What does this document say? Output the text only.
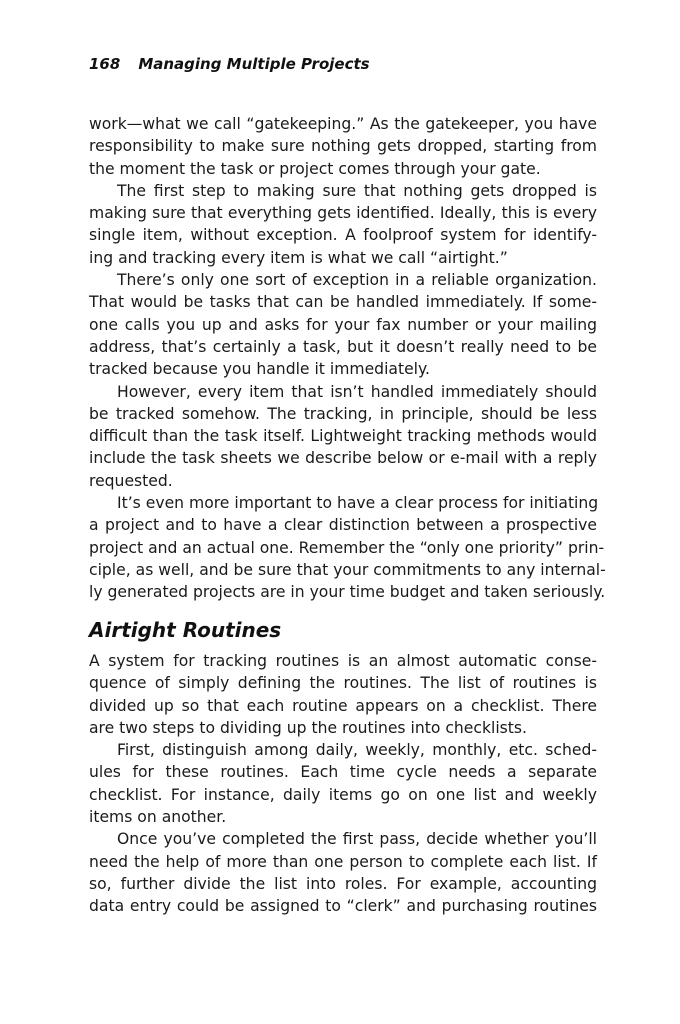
168 Managing Multiple Projects
work—what we call “gatekeeping.” As the gatekeeper, you have
responsibility to make sure nothing gets dropped, starting from
the moment the task or project comes through your gate.
The first step to making sure that nothing gets dropped is
making sure that everything gets identified. Ideally, this is every
single item, without exception. A foolproof system for identify-
ing and tracking every item is what we call “airtight.”
There’s only one sort of exception in a reliable organization.
That would be tasks that can be handled immediately. If some-
one calls you up and asks for your fax number or your mailing
address, that’s certainly a task, but it doesn’t really need to be
tracked because you handle it immediately.
However, every item that isn’t handled immediately should
be tracked somehow. The tracking, in principle, should be less
difficult than the task itself. Lightweight tracking methods would
include the task sheets we describe below or e-mail with a reply
requested.
It’s even more important to have a clear process for initiating
a project and to have a clear distinction between a prospective
project and an actual one. Remember the “only one priority” prin-
ciple, as well, and be sure that your commitments to any internal-
ly generated projects are in your time budget and taken seriously.
Airtight Routines
A system for tracking routines is an almost automatic conse-
quence of simply defining the routines. The list of routines is
divided up so that each routine appears on a checklist. There
are two steps to dividing up the routines into checklists.
First, distinguish among daily, weekly, monthly, etc. sched-
ules for these routines. Each time cycle needs a separate
checklist. For instance, daily items go on one list and weekly
items on another.
Once you’ve completed the first pass, decide whether you’ll
need the help of more than one person to complete each list. If
so, further divide the list into roles. For example, accounting
data entry could be assigned to “clerk” and purchasing routines
